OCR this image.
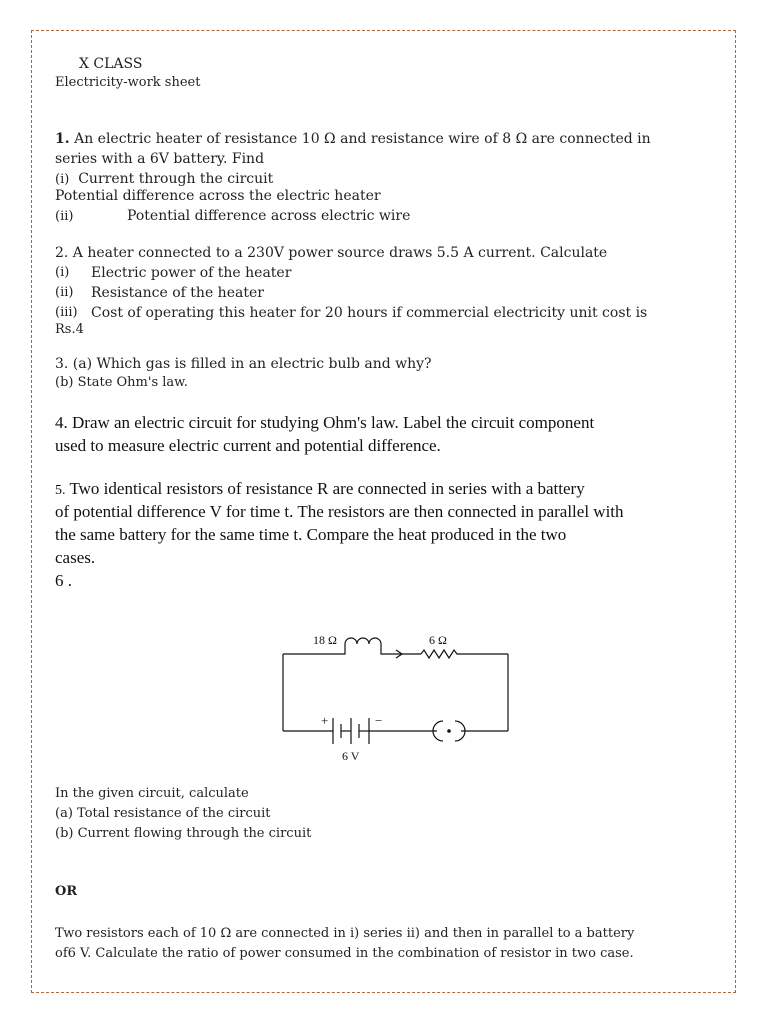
X CLASS

Electricity-work sheet

1. An electric heater of resistance 10 Ω and resistance wire of 8 Ω are connected in

series with a 6V battery. Find

(i) Current through the circuit

Potential difference across the electric heater

(ii)	Potential difference across electric wire

2. A heater connected to a 230V power source draws 5.5 A current. Calculate

(i) Electric power of the heater

(ii) Resistance of the heater

(iii) Cost of operating this heater for 20 hours if commercial electricity unit cost is

Rs.4

3. (a) Which gas is filled in an electric bulb and why?

(b) State Ohm's law.

4. Draw an electric circuit for studying Ohm's law. Label the circuit component

used to measure electric current and potential difference.

5. Two identical resistors of resistance R are connected in series with a battery

of potential difference V for time t. The resistors are then connected in parallel with

the same battery for the same time t. Compare the heat produced in the two

cases.

6 .

18 Ω	6 Ω
+	−
6 V

In the given circuit, calculate

(a) Total resistance of the circuit

(b) Current flowing through the circuit

OR

Two resistors each of 10 Ω are connected in i) series ii) and then in parallel to a battery

of6 V. Calculate the ratio of power consumed in the combination of resistor in two case.
